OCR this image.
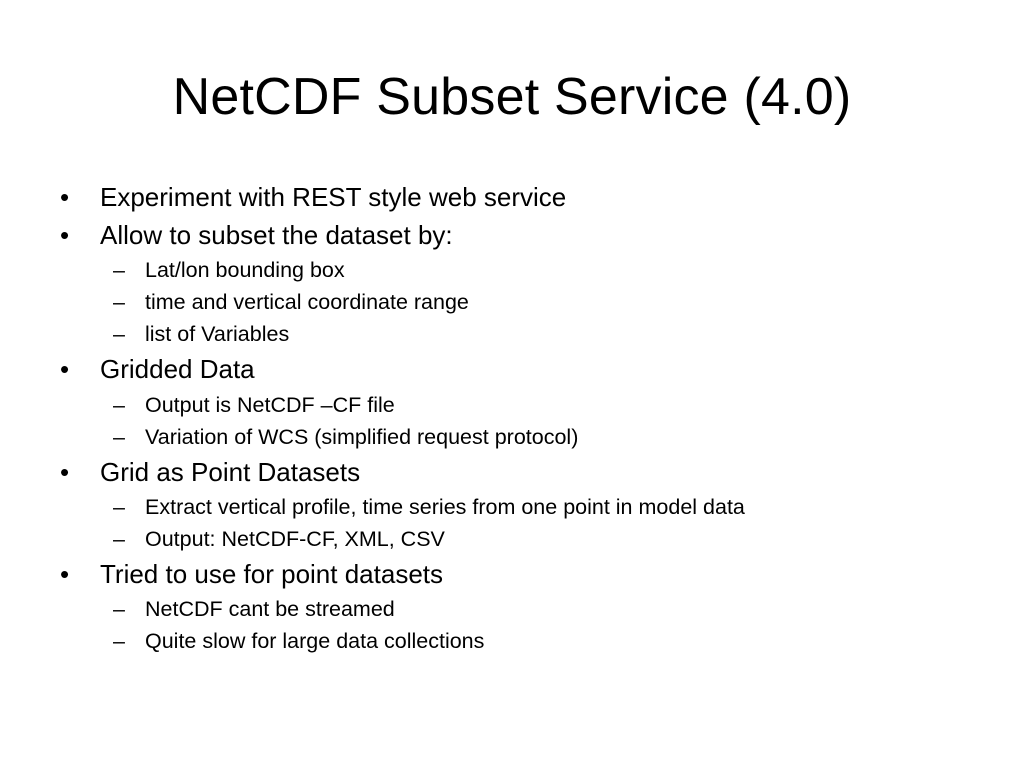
NetCDF Subset Service (4.0)
•	Experiment with REST style web service
•	Allow to subset the dataset by:
– Lat/lon bounding box
– time and vertical coordinate range
– list of Variables
•	Gridded Data
– Output is NetCDF –CF file
– Variation of WCS (simplified request protocol)
•	Grid as Point Datasets
– Extract vertical profile, time series from one point in model data
– Output: NetCDF-CF, XML, CSV
•	Tried to use for point datasets
– NetCDF cant be streamed
– Quite slow for large data collections
